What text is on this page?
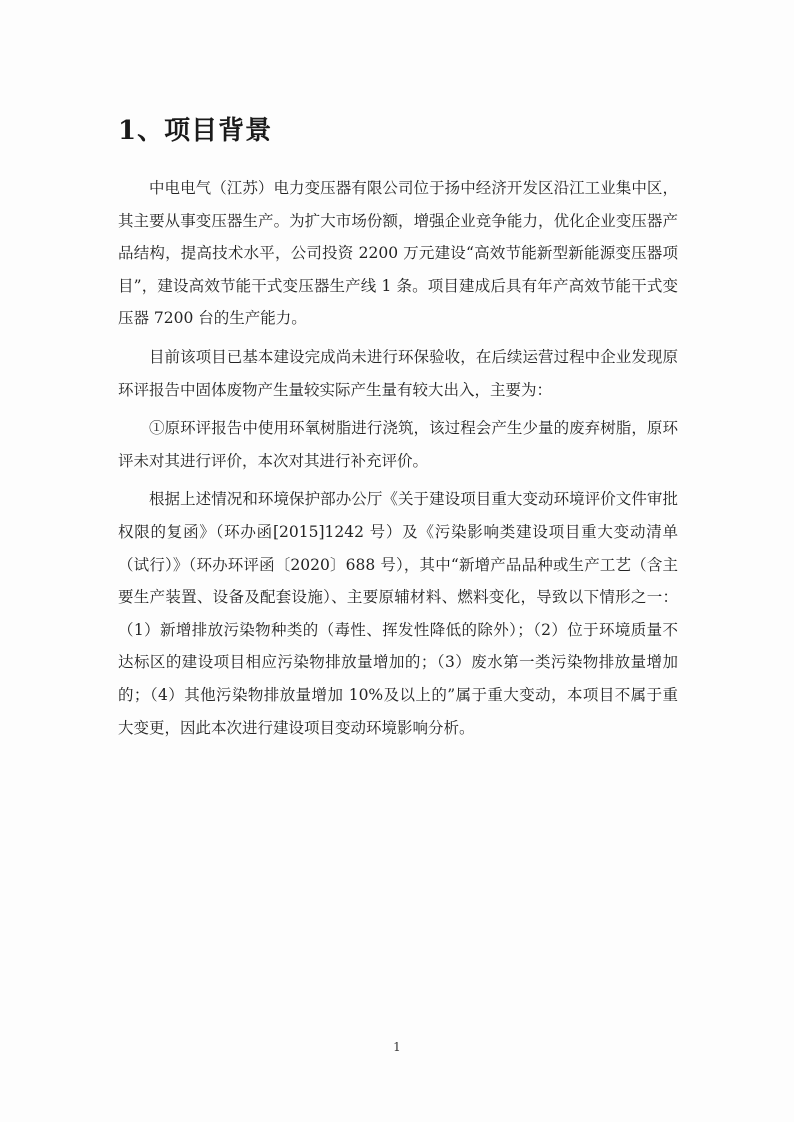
1、项目背景

中电电气（江苏）电力变压器有限公司位于扬中经济开发区沿江工业集中区，其主要从事变压器生产。为扩大市场份额，增强企业竞争能力，优化企业变压器产品结构，提高技术水平，公司投资 2200 万元建设“高效节能新型新能源变压器项目”，建设高效节能干式变压器生产线 1 条。项目建成后具有年产高效节能干式变压器 7200 台的生产能力。

目前该项目已基本建设完成尚未进行环保验收，在后续运营过程中企业发现原环评报告中固体废物产生量较实际产生量有较大出入，主要为：

①原环评报告中使用环氧树脂进行浇筑，该过程会产生少量的废弃树脂，原环评未对其进行评价，本次对其进行补充评价。

根据上述情况和环境保护部办公厅《关于建设项目重大变动环境评价文件审批权限的复函》（环办函[2015]1242 号）及《污染影响类建设项目重大变动清单（试行）》（环办环评函〔2020〕688 号），其中“新增产品品种或生产工艺（含主要生产装置、设备及配套设施）、主要原辅材料、燃料变化，导致以下情形之一：（1）新增排放污染物种类的（毒性、挥发性降低的除外）；（2）位于环境质量不达标区的建设项目相应污染物排放量增加的；（3）废水第一类污染物排放量增加的；（4）其他污染物排放量增加 10%及以上的”属于重大变动，本项目不属于重大变更，因此本次进行建设项目变动环境影响分析。

1
